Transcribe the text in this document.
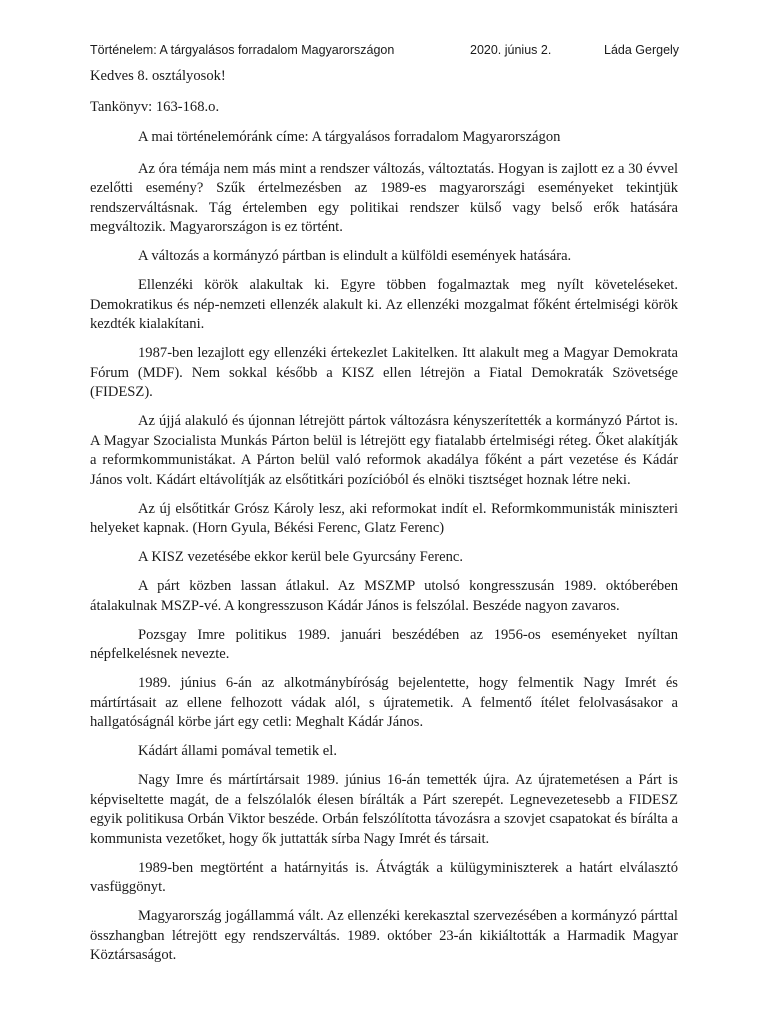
Történelem: A tárgyalásos forradalom Magyarországon	2020. június 2.	Láda Gergely

Kedves 8. osztályosok!

Tankönyv: 163-168.o.

A mai történelemóránk címe: A tárgyalásos forradalom Magyarországon

Az óra témája nem más mint a rendszer változás, változtatás. Hogyan is zajlott ez a 30 évvel ezelőtti esemény? Szűk értelmezésben az 1989-es magyarországi eseményeket tekintjük rendszerváltásnak. Tág értelemben egy politikai rendszer külső vagy belső erők hatására megváltozik. Magyarországon is ez történt.

A változás a kormányzó pártban is elindult a külföldi események hatására.

Ellenzéki körök alakultak ki. Egyre többen fogalmaztak meg nyílt követeléseket. Demokratikus és nép-nemzeti ellenzék alakult ki. Az ellenzéki mozgalmat főként értelmiségi körök kezdték kialakítani.

1987-ben lezajlott egy ellenzéki értekezlet Lakitelken. Itt alakult meg a Magyar Demokrata Fórum (MDF). Nem sokkal később a KISZ ellen létrejön a Fiatal Demokraták Szövetsége (FIDESZ).

Az újjá alakuló és újonnan létrejött pártok változásra kényszerítették a kormányzó Pártot is. A Magyar Szocialista Munkás Párton belül is létrejött egy fiatalabb értelmiségi réteg. Őket alakítják a reformkommunistákat. A Párton belül való reformok akadálya főként a párt vezetése és Kádár János volt. Kádárt eltávolítják az elsőtitkári pozícióból és elnöki tisztséget hoznak létre neki.

Az új elsőtitkár Grósz Károly lesz, aki reformokat indít el. Reformkommunisták miniszteri helyeket kapnak. (Horn Gyula, Békési Ferenc, Glatz Ferenc)

A KISZ vezetésébe ekkor kerül bele Gyurcsány Ferenc.

A párt közben lassan átlakul. Az MSZMP utolsó kongresszusán 1989. októberében átalakulnak MSZP-vé. A kongresszuson Kádár János is felszólal. Beszéde nagyon zavaros.

Pozsgay Imre politikus 1989. januári beszédében az 1956-os eseményeket nyíltan népfelkelésnek nevezte.

1989. június 6-án az alkotmánybíróság bejelentette, hogy felmentik Nagy Imrét és mártírtásait az ellene felhozott vádak alól, s újratemetik. A felmentő ítélet felolvasásakor a hallgatóságnál körbe járt egy cetli: Meghalt Kádár János.

Kádárt állami pomával temetik el.

Nagy Imre és mártírtársait 1989. június 16-án temették újra. Az újratemetésen a Párt is képviseltette magát, de a felszólalók élesen bírálták a Párt szerepét. Legnevezetesebb a FIDESZ egyik politikusa Orbán Viktor beszéde. Orbán felszólította távozásra a szovjet csapatokat és bírálta a kommunista vezetőket, hogy ők juttatták sírba Nagy Imrét és társait.

1989-ben megtörtént a határnyitás is. Átvágták a külügyminiszterek a határt elválasztó vasfüggönyt.

Magyarország jogállammá vált. Az ellenzéki kerekasztal szervezésében a kormányzó párttal összhangban létrejött egy rendszerváltás. 1989. október 23-án kikiáltották a Harmadik Magyar Köztársaságot.
